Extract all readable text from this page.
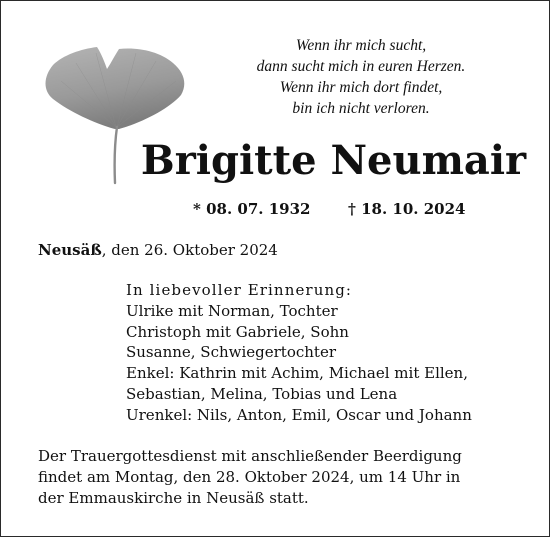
Wenn ihr mich sucht,
dann sucht mich in euren Herzen.
Wenn ihr mich dort findet,
bin ich nicht verloren.
Brigitte Neumair
* 08. 07. 1932	† 18. 10. 2024
Neusäß, den 26. Oktober 2024
In liebevoller Erinnerung:
Ulrike mit Norman, Tochter
Christoph mit Gabriele, Sohn
Susanne, Schwiegertochter
Enkel: Kathrin mit Achim, Michael mit Ellen,
Sebastian, Melina, Tobias und Lena
Urenkel: Nils, Anton, Emil, Oscar und Johann
Der Trauergottesdienst mit anschließender Beerdigung
findet am Montag, den 28. Oktober 2024, um 14 Uhr in
der Emmauskirche in Neusäß statt.
